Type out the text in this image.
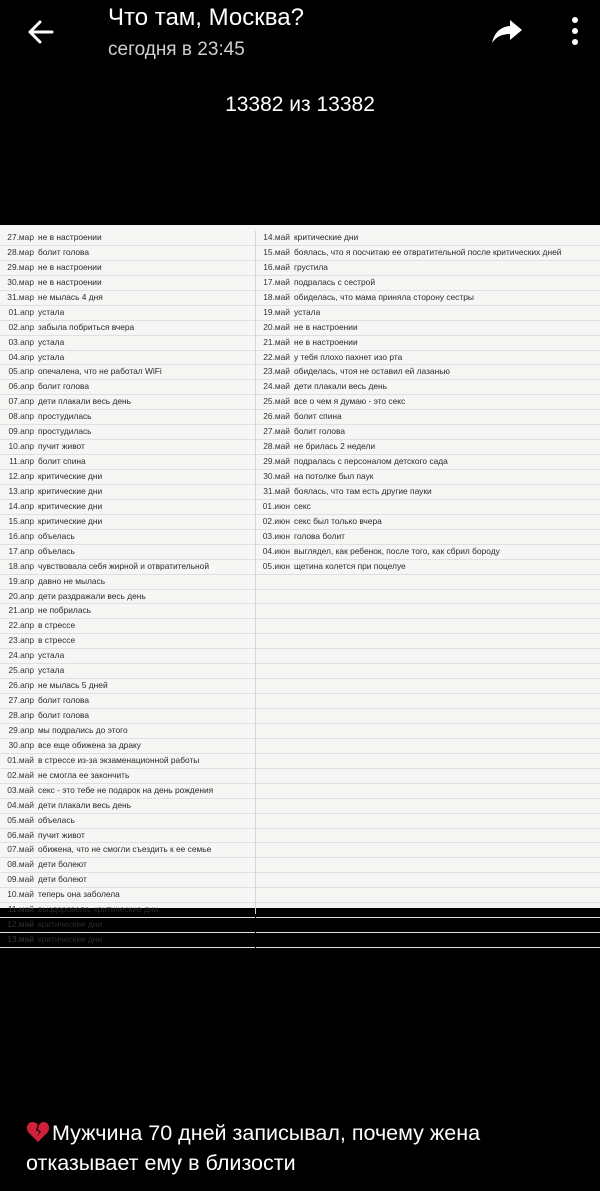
Что там, Москва?
сегодня в 23:45
13382 из 13382
27.мар не в настроении
28.мар болит голова
29.мар не в настроении
30.мар не в настроении
31.мар не мылась 4 дня
01.апр устала
02.апр забыла побриться вчера
03.апр устала
04.апр устала
05.апр опечалена, что не работал WiFi
06.апр болит голова
07.апр дети плакали весь день
08.апр простудилась
09.апр простудилась
10.апр пучит живот
11.апр болит спина
12.апр критические дни
13.апр критические дни
14.апр критические дни
15.апр критические дни
16.апр объелась
17.апр объелась
18.апр чувствовала себя жирной и отвратительной
19.апр давно не мылась
20.апр дети раздражали весь день
21.апр не побрилась
22.апр в стрессе
23.апр в стрессе
24.апр устала
25.апр устала
26.апр не мылась 5 дней
27.апр болит голова
28.апр болит голова
29.апр мы подрались до этого
30.апр все еще обижена за драку
01.май в стрессе из-за экзаменационной работы
02.май не смогла ее закончить
03.май секс - это тебе не подарок на день рождения
04.май дети плакали весь день
05.май объелась
06.май пучит живот
07.май обижена, что не смогли съездить к ее семье
08.май дети болеют
09.май дети болеют
10.май теперь она заболела
11.май выздоровела, критические дни
12.май критические дни
13.май критические дни
14.май критические дни
15.май боялась, что я посчитаю ее отвратительной после критических дней
16.май грустила
17.май подралась с сестрой
18.май обиделась, что мама приняла сторону сестры
19.май устала
20.май не в настроении
21.май не в настроении
22.май у тебя плохо пахнет изо рта
23.май обиделась, чтоя не оставил ей лазанью
24.май дети плакали весь день
25.май все о чем я думаю - это секс
26.май болит спина
27.май болит голова
28.май не брилась 2 недели
29.май подралась с персоналом детского сада
30.май на потолке был паук
31.май боялась, что там есть другие пауки
01.июн секс
02.июн секс был только вчера
03.июн голова болит
04.июн выглядел, как ребенок, после того, как сбрил бороду
05.июн щетина колется при поцелуе
Мужчина 70 дней записывал, почему жена отказывает ему в близости
